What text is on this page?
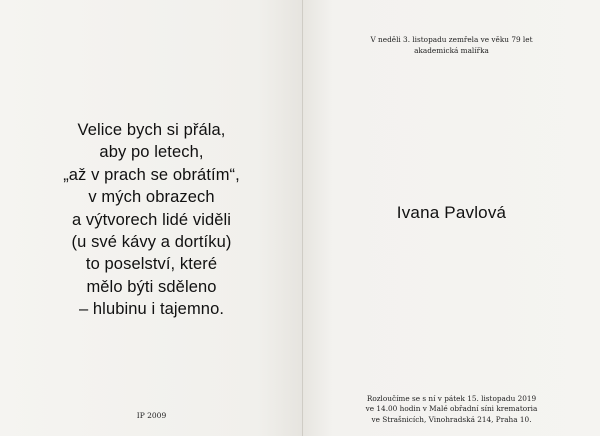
Velice bych si přála,
aby po letech,
„až v prach se obrátím“,
v mých obrazech
a výtvorech lidé viděli
(u své kávy a dortíku)
to poselství, které
mělo býti sděleno
– hlubinu i tajemno.
IP 2009
V neděli 3. listopadu zemřela ve věku 79 let
akademická malířka
Ivana Pavlová
Rozloučíme se s ní v pátek 15. listopadu 2019
ve 14.00 hodin v Malé obřadní síni krematoria
ve Strašnicích, Vinohradská 214, Praha 10.
